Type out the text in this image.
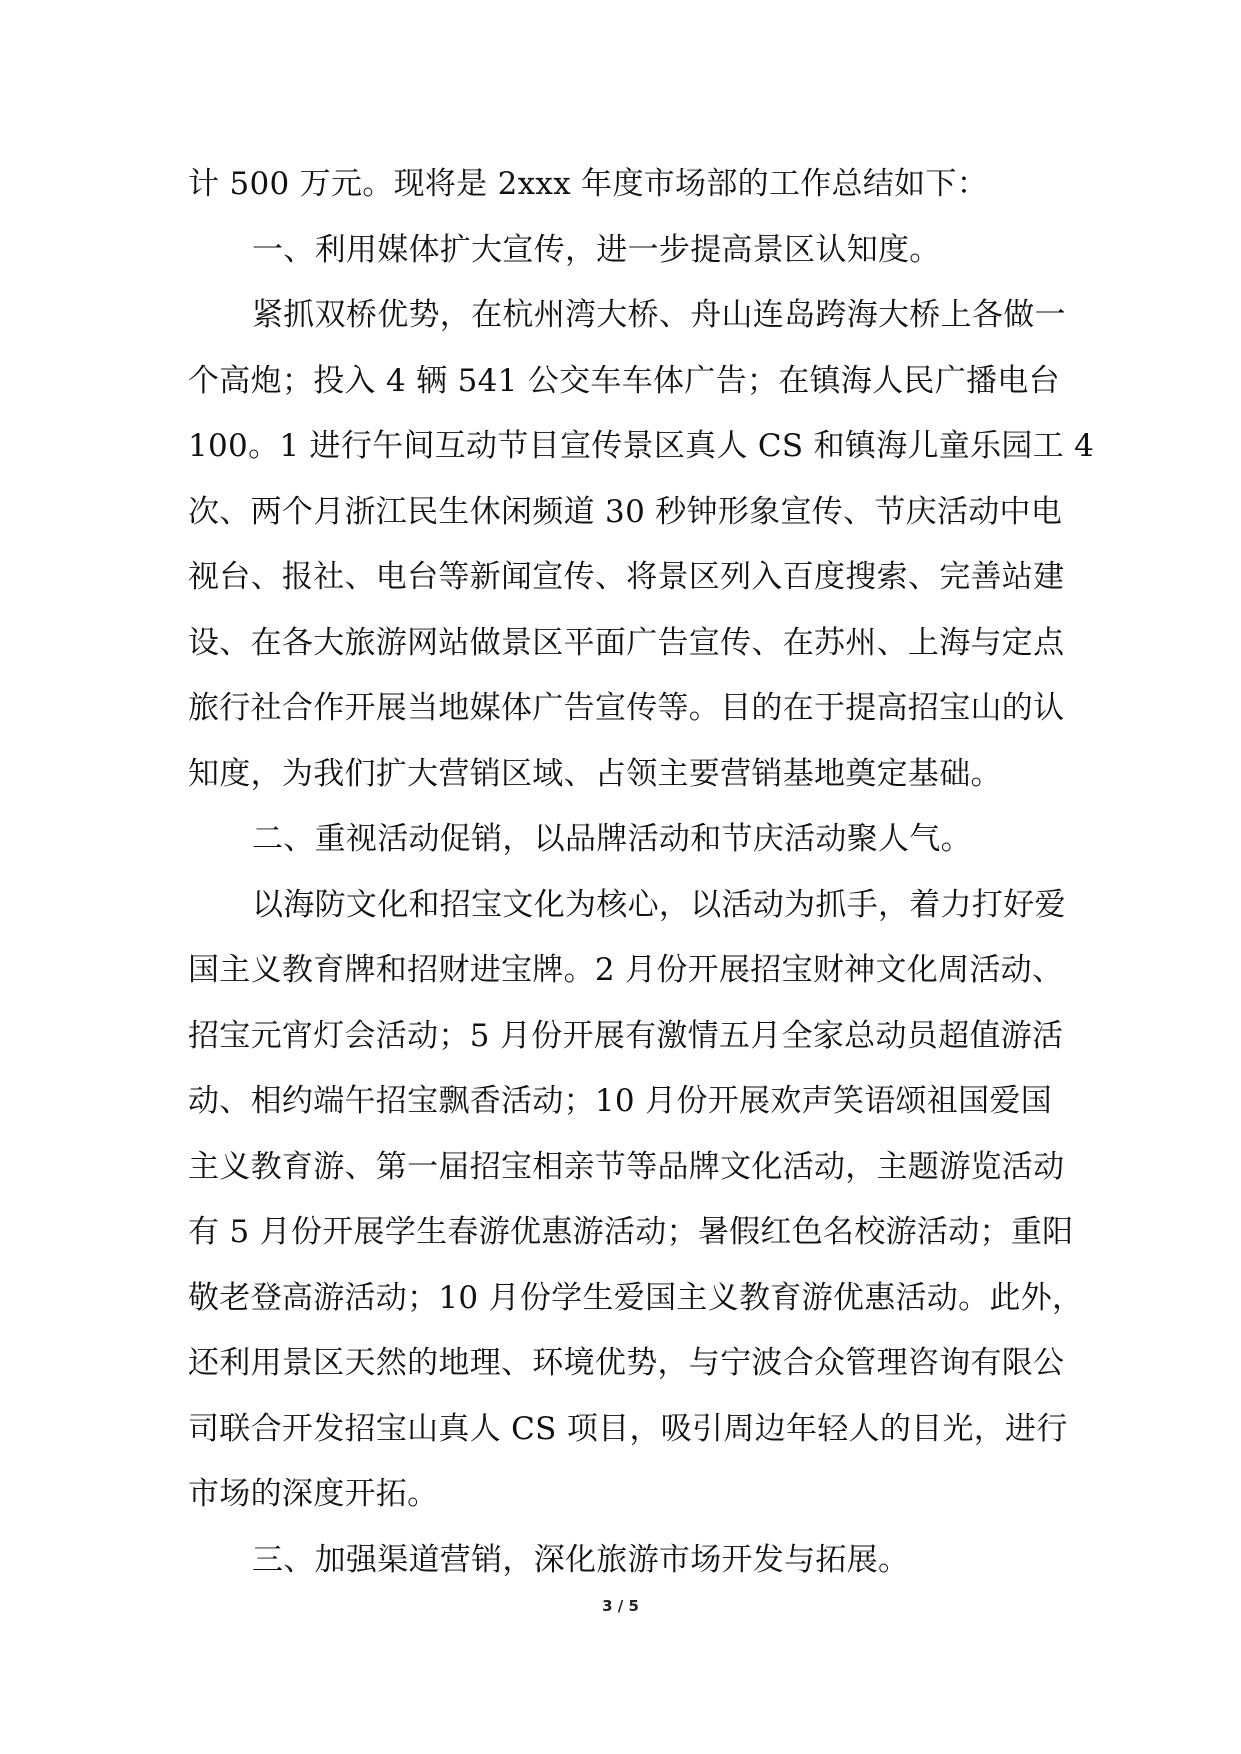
计 500 万元。现将是 2xxx 年度市场部的工作总结如下：
一、利用媒体扩大宣传，进一步提高景区认知度。
紧抓双桥优势，在杭州湾大桥、舟山连岛跨海大桥上各做一
个高炮；投入 4 辆 541 公交车车体广告；在镇海人民广播电台
100。1 进行午间互动节目宣传景区真人 CS 和镇海儿童乐园工 4
次、两个月浙江民生休闲频道 30 秒钟形象宣传、节庆活动中电
视台、报社、电台等新闻宣传、将景区列入百度搜索、完善站建
设、在各大旅游网站做景区平面广告宣传、在苏州、上海与定点
旅行社合作开展当地媒体广告宣传等。目的在于提高招宝山的认
知度，为我们扩大营销区域、占领主要营销基地奠定基础。
二、重视活动促销，以品牌活动和节庆活动聚人气。
以海防文化和招宝文化为核心，以活动为抓手，着力打好爱
国主义教育牌和招财进宝牌。2 月份开展招宝财神文化周活动、
招宝元宵灯会活动；5 月份开展有激情五月全家总动员超值游活
动、相约端午招宝飘香活动；10 月份开展欢声笑语颂祖国爱国
主义教育游、第一届招宝相亲节等品牌文化活动，主题游览活动
有 5 月份开展学生春游优惠游活动；暑假红色名校游活动；重阳
敬老登高游活动；10 月份学生爱国主义教育游优惠活动。此外，
还利用景区天然的地理、环境优势，与宁波合众管理咨询有限公
司联合开发招宝山真人 CS 项目，吸引周边年轻人的目光，进行
市场的深度开拓。
三、加强渠道营销，深化旅游市场开发与拓展。
3 / 5
